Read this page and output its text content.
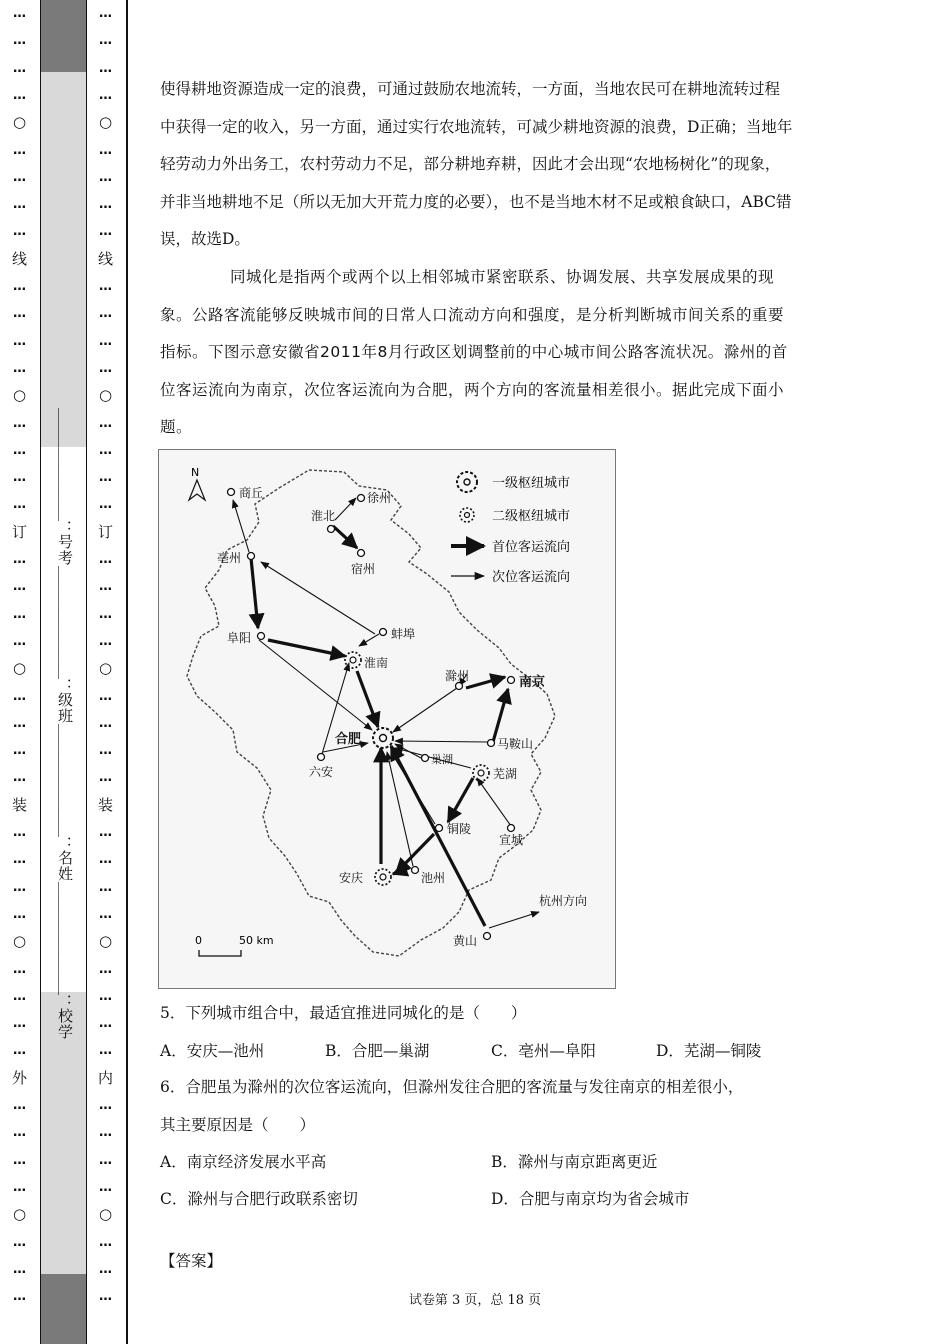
…
…
…
…
○
…
…
…
…
线
…
…
…
…
○
…
…
…
…
订
…
…
…
…
○
…
…
…
…
装
…
…
…
…
○
…
…
…
…
外
…
…
…
…
○
…
…
…
…
…
…
…
○
…
…
…
…
线
…
…
…
…
○
…
…
…
…
订
…
…
…
…
○
…
…
…
…
装
…
…
…
…
○
…
…
…
…
内
…
…
…
…
○
…
…
…
＿＿＿＿＿＿＿＿：号考＿＿＿＿＿＿＿＿：级班＿＿＿＿＿＿＿＿：名姓＿＿＿＿＿＿＿＿：校学

使得耕地资源造成一定的浪费，可通过鼓励农地流转，一方面，当地农民可在耕地流转过程中获得一定的收入，另一方面，通过实行农地流转，可减少耕地资源的浪费，D正确；当地年轻劳动力外出务工，农村劳动力不足，部分耕地弃耕，因此才会出现“农地杨树化”的现象，并非当地耕地不足（所以无加大开荒力度的必要），也不是当地木材不足或粮食缺口，ABC错误，故选D。

同城化是指两个或两个以上相邻城市紧密联系、协调发展、共享发展成果的现象。公路客流能够反映城市间的日常人口流动方向和强度，是分析判断城市间关系的重要指标。下图示意安徽省2011年8月行政区划调整前的中心城市间公路客流状况。滁州的首位客运流向为南京，次位客运流向为合肥，两个方向的客流量相差很小。据此完成下面小题。

N
一级枢纽城市
二级枢纽城市
首位客运流向
次位客运流向
商丘	徐州
淮北
宿州
亳州
蚌埠
阜阳
淮南
滁州	南京
合肥
六安
巢湖
马鞍山
芜湖
铜陵
宣城
安庆	池州
黄山
杭州方向
0	50 km
5．下列城市组合中，最适宜推进同城化的是（　　）
A．安庆—池州	B．合肥—巢湖	C．亳州—阜阳	D．芜湖—铜陵
6．合肥虽为滁州的次位客运流向，但滁州发往合肥的客流量与发往南京的相差很小，
其主要原因是（　　）
A．南京经济发展水平高	B．滁州与南京距离更近
C．滁州与合肥行政联系密切	D．合肥与南京均为省会城市
【答案】
试卷第 3 页，总 18 页
